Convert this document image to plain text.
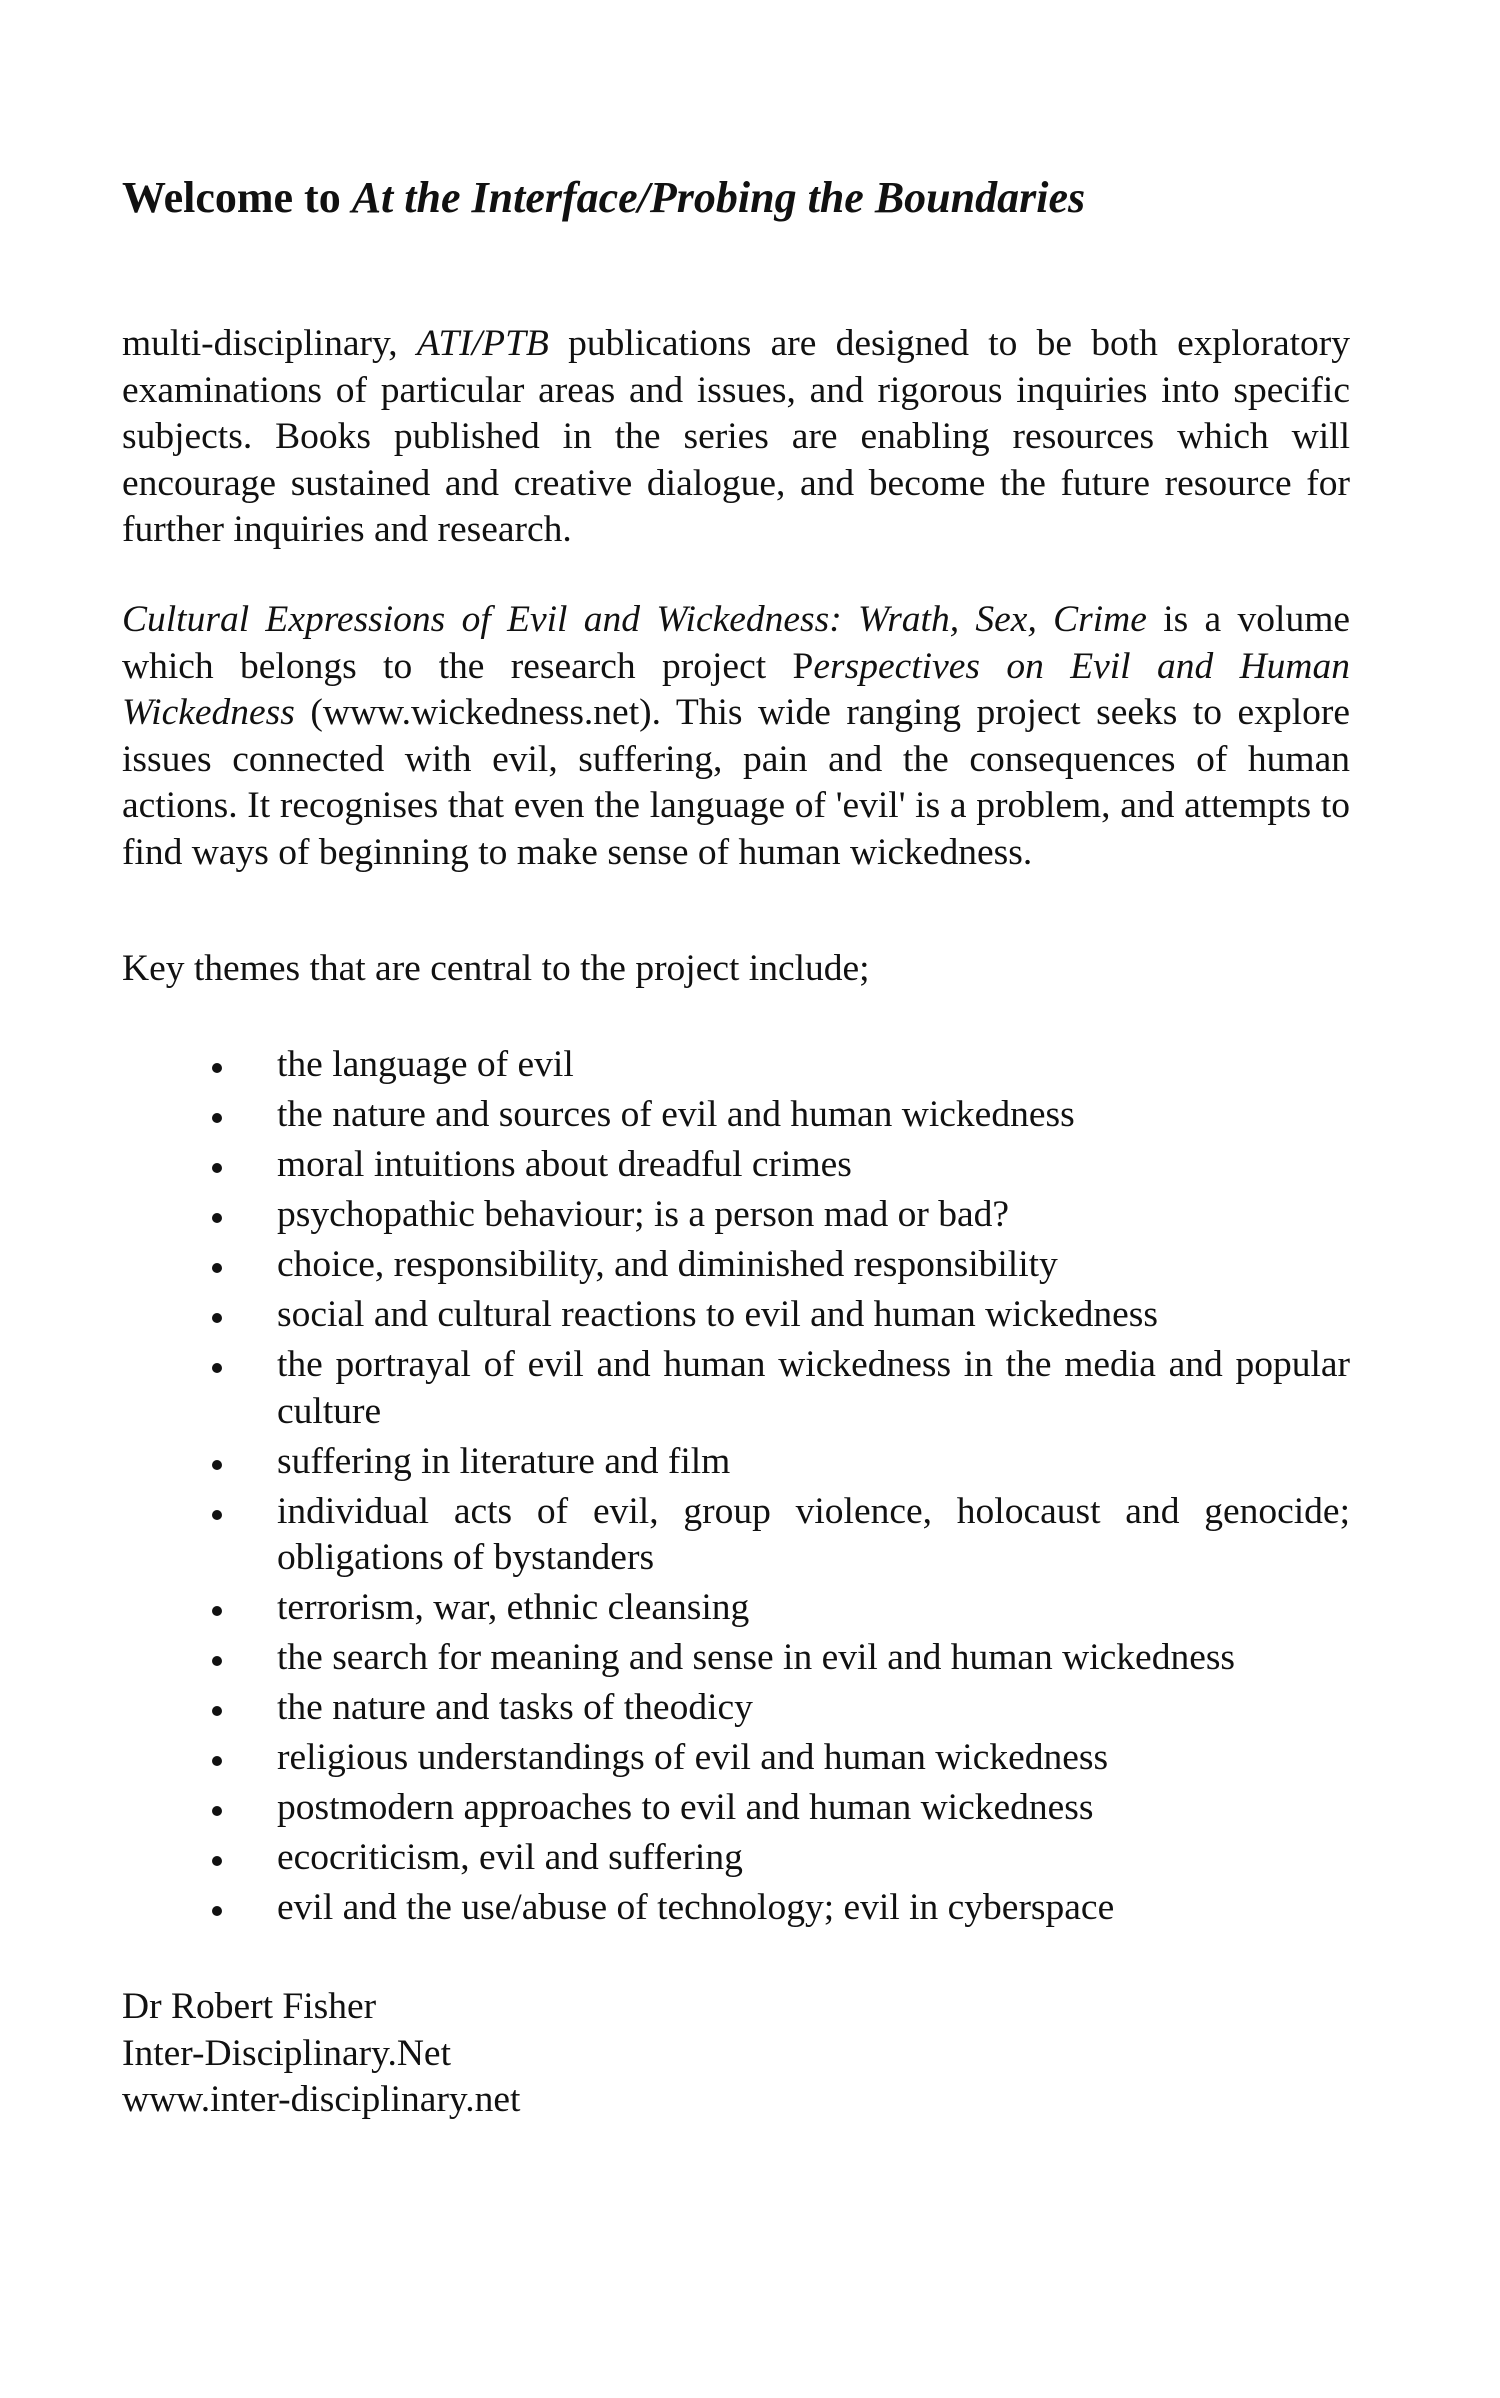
Welcome to At the Interface/Probing the Boundaries

multi-disciplinary, ATI/PTB publications are designed to be both exploratory examinations of particular areas and issues, and rigorous inquiries into specific subjects. Books published in the series are enabling resources which will encourage sustained and creative dialogue, and become the future resource for further inquiries and research.

Cultural Expressions of Evil and Wickedness: Wrath, Sex, Crime is a volume which belongs to the research project Perspectives on Evil and Human Wickedness (www.wickedness.net). This wide ranging project seeks to explore issues connected with evil, suffering, pain and the consequences of human actions. It recognises that even the language of 'evil' is a problem, and attempts to find ways of beginning to make sense of human wickedness.

Key themes that are central to the project include;

the language of evil
the nature and sources of evil and human wickedness
moral intuitions about dreadful crimes
psychopathic behaviour; is a person mad or bad?
choice, responsibility, and diminished responsibility
social and cultural reactions to evil and human wickedness
the portrayal of evil and human wickedness in the media and popular culture
suffering in literature and film
individual acts of evil, group violence, holocaust and genocide; obligations of bystanders
terrorism, war, ethnic cleansing
the search for meaning and sense in evil and human wickedness
the nature and tasks of theodicy
religious understandings of evil and human wickedness
postmodern approaches to evil and human wickedness
ecocriticism, evil and suffering
evil and the use/abuse of technology; evil in cyberspace
Dr Robert Fisher
Inter-Disciplinary.Net
www.inter-disciplinary.net
